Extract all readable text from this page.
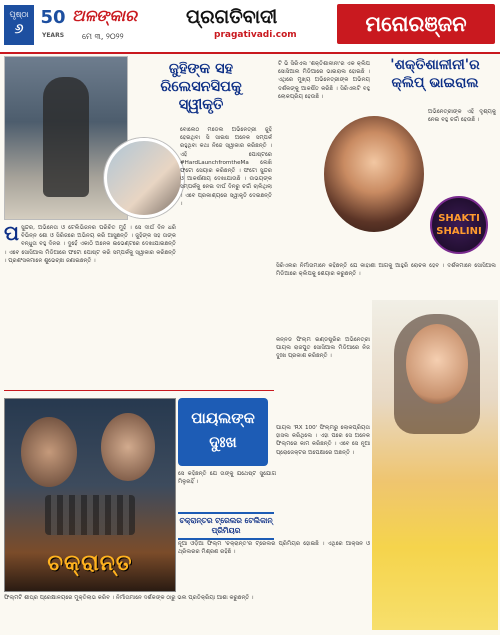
ପୃଷ୍ଠା
୬
50
YEARS
ଅଳଙ୍କାର
ମେ ୩, ୨୦୨୨
ପ୍ରଗତିବାଦୀ
pragativadi.com	ମନୋରଞ୍ଜନ
ଜୁହିଙ୍କ ସହ ରିଲେସନସିପକୁ ସ୍ୱୀକୃତି
ବୋଲେଠ ମଡେଲ ଅଭିନେତ୍ରୀ ଜୁହି ହେଇଥିବା ସି ସାଇଷ ଅନେକ ସମ୍ପର୍କ ରହୁଥିବା କଥା ନିଜେ ସ୍ୱୀକାର କରିଛନ୍ତି । ଏହି ପୋଷ୍ଟରେ #HardLaunchfromtheMa ଲେଖି ଫଟୋ ସେୟାର କରିଛନ୍ତି । ଫଟୋ ସୁନ୍ଦର ଓ ଆକର୍ଷଣୀୟ ଦେଖାଯାଉଛି । ଉଭୟଙ୍କ ସମ୍ପର୍କକୁ ନେଇ ଦୀର୍ଘ ଦିନରୁ ଚର୍ଚ୍ଚା ଚାଲିଥିଲା । ଏବେ ପ୍ରକାଶ୍ୟରେ ସ୍ୱୀକୃତି ଦେଇଛନ୍ତି ।
ପ ସୁନ୍ଦର, ଅଭିନେତା ଓ ଟେଲିଭିଜନର ପରିଚିତ ମୁହଁ । ସେ ଦୀର୍ଘ ଦିନ ଧରି ବିଭିନ୍ନ ଶୋ ଓ ସିରିଜରେ ଅଭିନୟ କରି ଆସୁଛନ୍ତି । ଜୁହିଙ୍କ ସହ ତାଙ୍କ ବନ୍ଧୁତା ବହୁ ଦିନର । ଦୁହେଁ ଏକାଠି ଅନେକ ଇଭେଣ୍ଟରେ ଦେଖାଯାଇଛନ୍ତି । ଏବେ ସୋସିଆଲ ମିଡିଆରେ ଫଟୋ ପୋଷ୍ଟ କରି ସମ୍ପର୍କକୁ ସ୍ୱୀକାର କରିଛନ୍ତି । ପ୍ରଶଂସକମାନେ ଶୁଭେଚ୍ଛା ଜଣାଇଛନ୍ତି ।
ଟି ଭି ସିରିଏଲ 'ଶକ୍ତିଶାଳୀନୀ'ର ଏକ କ୍ଲିପ ସୋସିଆଲ ମିଡିଆରେ ଭାଇରାଲ ହୋଇଛି । ଏଥିରେ ମୁଖ୍ୟ ଅଭିନେତ୍ରୀଙ୍କ ଅଭିନୟ ଦର୍ଶକଙ୍କୁ ଆକର୍ଷିତ କରିଛି । ସିରିଏଲଟି ବହୁ ଲୋକପ୍ରିୟ ହେଉଛି ।
'ଶକ୍ତିଶାଳୀନୀ'ର କ୍ଲିପ୍ ଭାଇରାଲ
ଅଭିନେତ୍ରୀଙ୍କ ଏହି ଦୃଶ୍ୟକୁ ନେଇ ବହୁ ଚର୍ଚ୍ଚା ହେଉଛି ।
SHAKTI
SHALINI
ସିରିଏଲର ନିର୍ମାତାମାନେ କହିଛନ୍ତି ଯେ କାହାଣୀ ଆଗକୁ ଆହୁରି ରୋଚକ ହେବ । ଦର୍ଶକମାନେ ସୋସିଆଲ ମିଡିଆରେ କ୍ଲିପକୁ ଶେୟାର କରୁଛନ୍ତି ।
କନ୍ନଡ ଫିଲ୍ମ ଇଣ୍ଡଷ୍ଟ୍ରିର ଅଭିନେତ୍ରୀ ପାୟଲ ରାଜପୁତ ସୋସିଆଲ ମିଡିଆରେ ନିଜ ଦୁଃଖ ପ୍ରକାଶ କରିଛନ୍ତି ।
ପାୟଲଙ୍କ
ଦୁଃଖ
ସେ କହିଛନ୍ତି ଯେ ତାଙ୍କୁ ଯଥେଷ୍ଟ ସୁଯୋଗ ମିଳୁନାହିଁ ।
ପାୟଲ 'RX 100' ଫିଲ୍ମରୁ ଲୋକପ୍ରିୟତା ହାସଲ କରିଥିଲେ । ଏହା ପରେ ସେ ଅନେକ ଫିଲ୍ମରେ କାମ କରିଛନ୍ତି । ଏବେ ସେ ନୂଆ ପ୍ରୋଜେକ୍ଟର ଅପେକ୍ଷାରେ ଅଛନ୍ତି ।
ଚକ୍ରାନ୍ତ
ଚକ୍ରାନ୍ତର ଟ୍ରେଲର ଟେଲିକାନ୍ ପ୍ରିମିୟର
ନୂଆ ଓଡ଼ିଆ ଫିଲ୍ମ 'ଚକ୍ରାନ୍ତ'ର ଟ୍ରେଲର ପ୍ରିମିୟର ହୋଇଛି । ଏଥିରେ ଆକ୍ସନ ଓ ଥ୍ରିଲରର ମିଶ୍ରଣ ରହିଛି ।
ଫିଲ୍ମଟି ଶୀଘ୍ର ପ୍ରେକ୍ଷାଳୟରେ ମୁକ୍ତିଲାଭ କରିବ । ନିର୍ମାତାମାନେ ଦର୍ଶକଙ୍କ ଠାରୁ ଭଲ ପ୍ରତିକ୍ରିୟା ଆଶା କରୁଛନ୍ତି ।
